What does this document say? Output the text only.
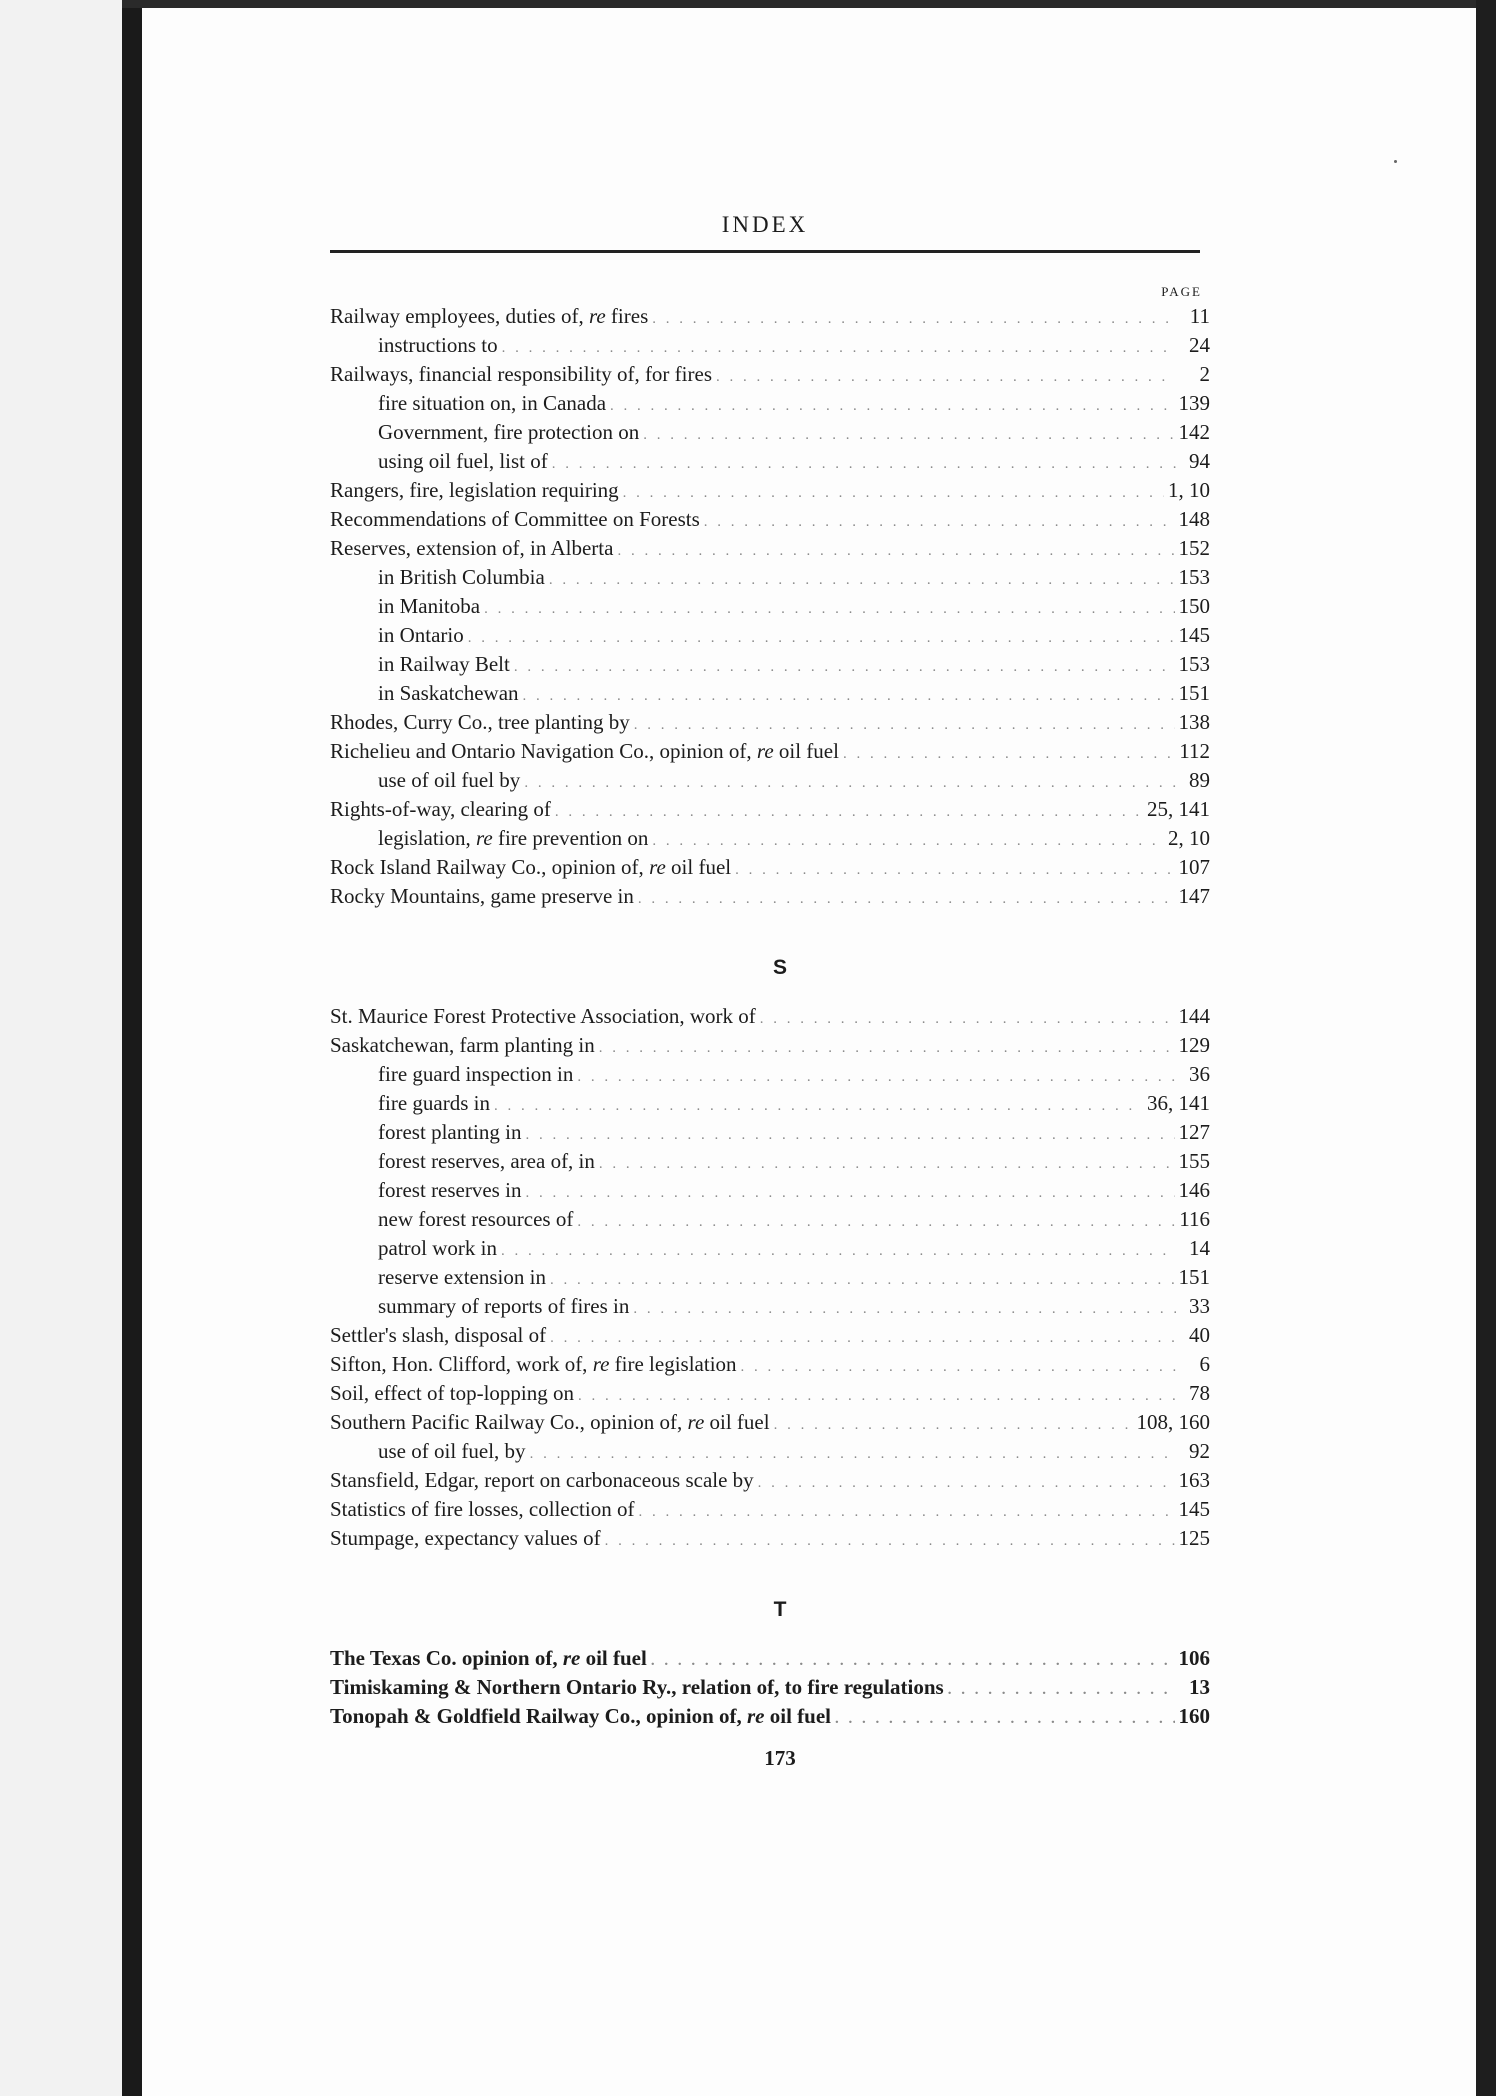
INDEX
PAGE
Railway employees, duties of, re fires . . .	11
instructions to . . .	24
Railways, financial responsibility of, for fires . . .	2
fire situation on, in Canada . . .	139
Government, fire protection on . . .	142
using oil fuel, list of . . .	94
Rangers, fire, legislation requiring . . .	1, 10
Recommendations of Committee on Forests . . .	148
Reserves, extension of, in Alberta . . .	152
in British Columbia . . .	153
in Manitoba . . .	150
in Ontario . . .	145
in Railway Belt . . .	153
in Saskatchewan . . .	151
Rhodes, Curry Co., tree planting by . . .	138
Richelieu and Ontario Navigation Co., opinion of, re oil fuel . . .	112
use of oil fuel by . . .	89
Rights-of-way, clearing of . . .	25, 141
legislation, re fire prevention on . . .	2, 10
Rock Island Railway Co., opinion of, re oil fuel . . .	107
Rocky Mountains, game preserve in . . .	147
S
St. Maurice Forest Protective Association, work of . . .	144
Saskatchewan, farm planting in . . .	129
fire guard inspection in . . .	36
fire guards in . . .	36, 141
forest planting in . . .	127
forest reserves, area of, in . . .	155
forest reserves in . . .	146
new forest resources of . . .	116
patrol work in . . .	14
reserve extension in . . .	151
summary of reports of fires in . . .	33
Settler's slash, disposal of . . .	40
Sifton, Hon. Clifford, work of, re fire legislation . . .	6
Soil, effect of top-lopping on . . .	78
Southern Pacific Railway Co., opinion of, re oil fuel . . .	108, 160
use of oil fuel, by . . .	92
Stansfield, Edgar, report on carbonaceous scale by . . .	163
Statistics of fire losses, collection of . . .	145
Stumpage, expectancy values of . . .	125
T
The Texas Co. opinion of, re oil fuel . . .	106
Timiskaming & Northern Ontario Ry., relation of, to fire regulations . . .	13
Tonopah & Goldfield Railway Co., opinion of, re oil fuel . . .	160
173
